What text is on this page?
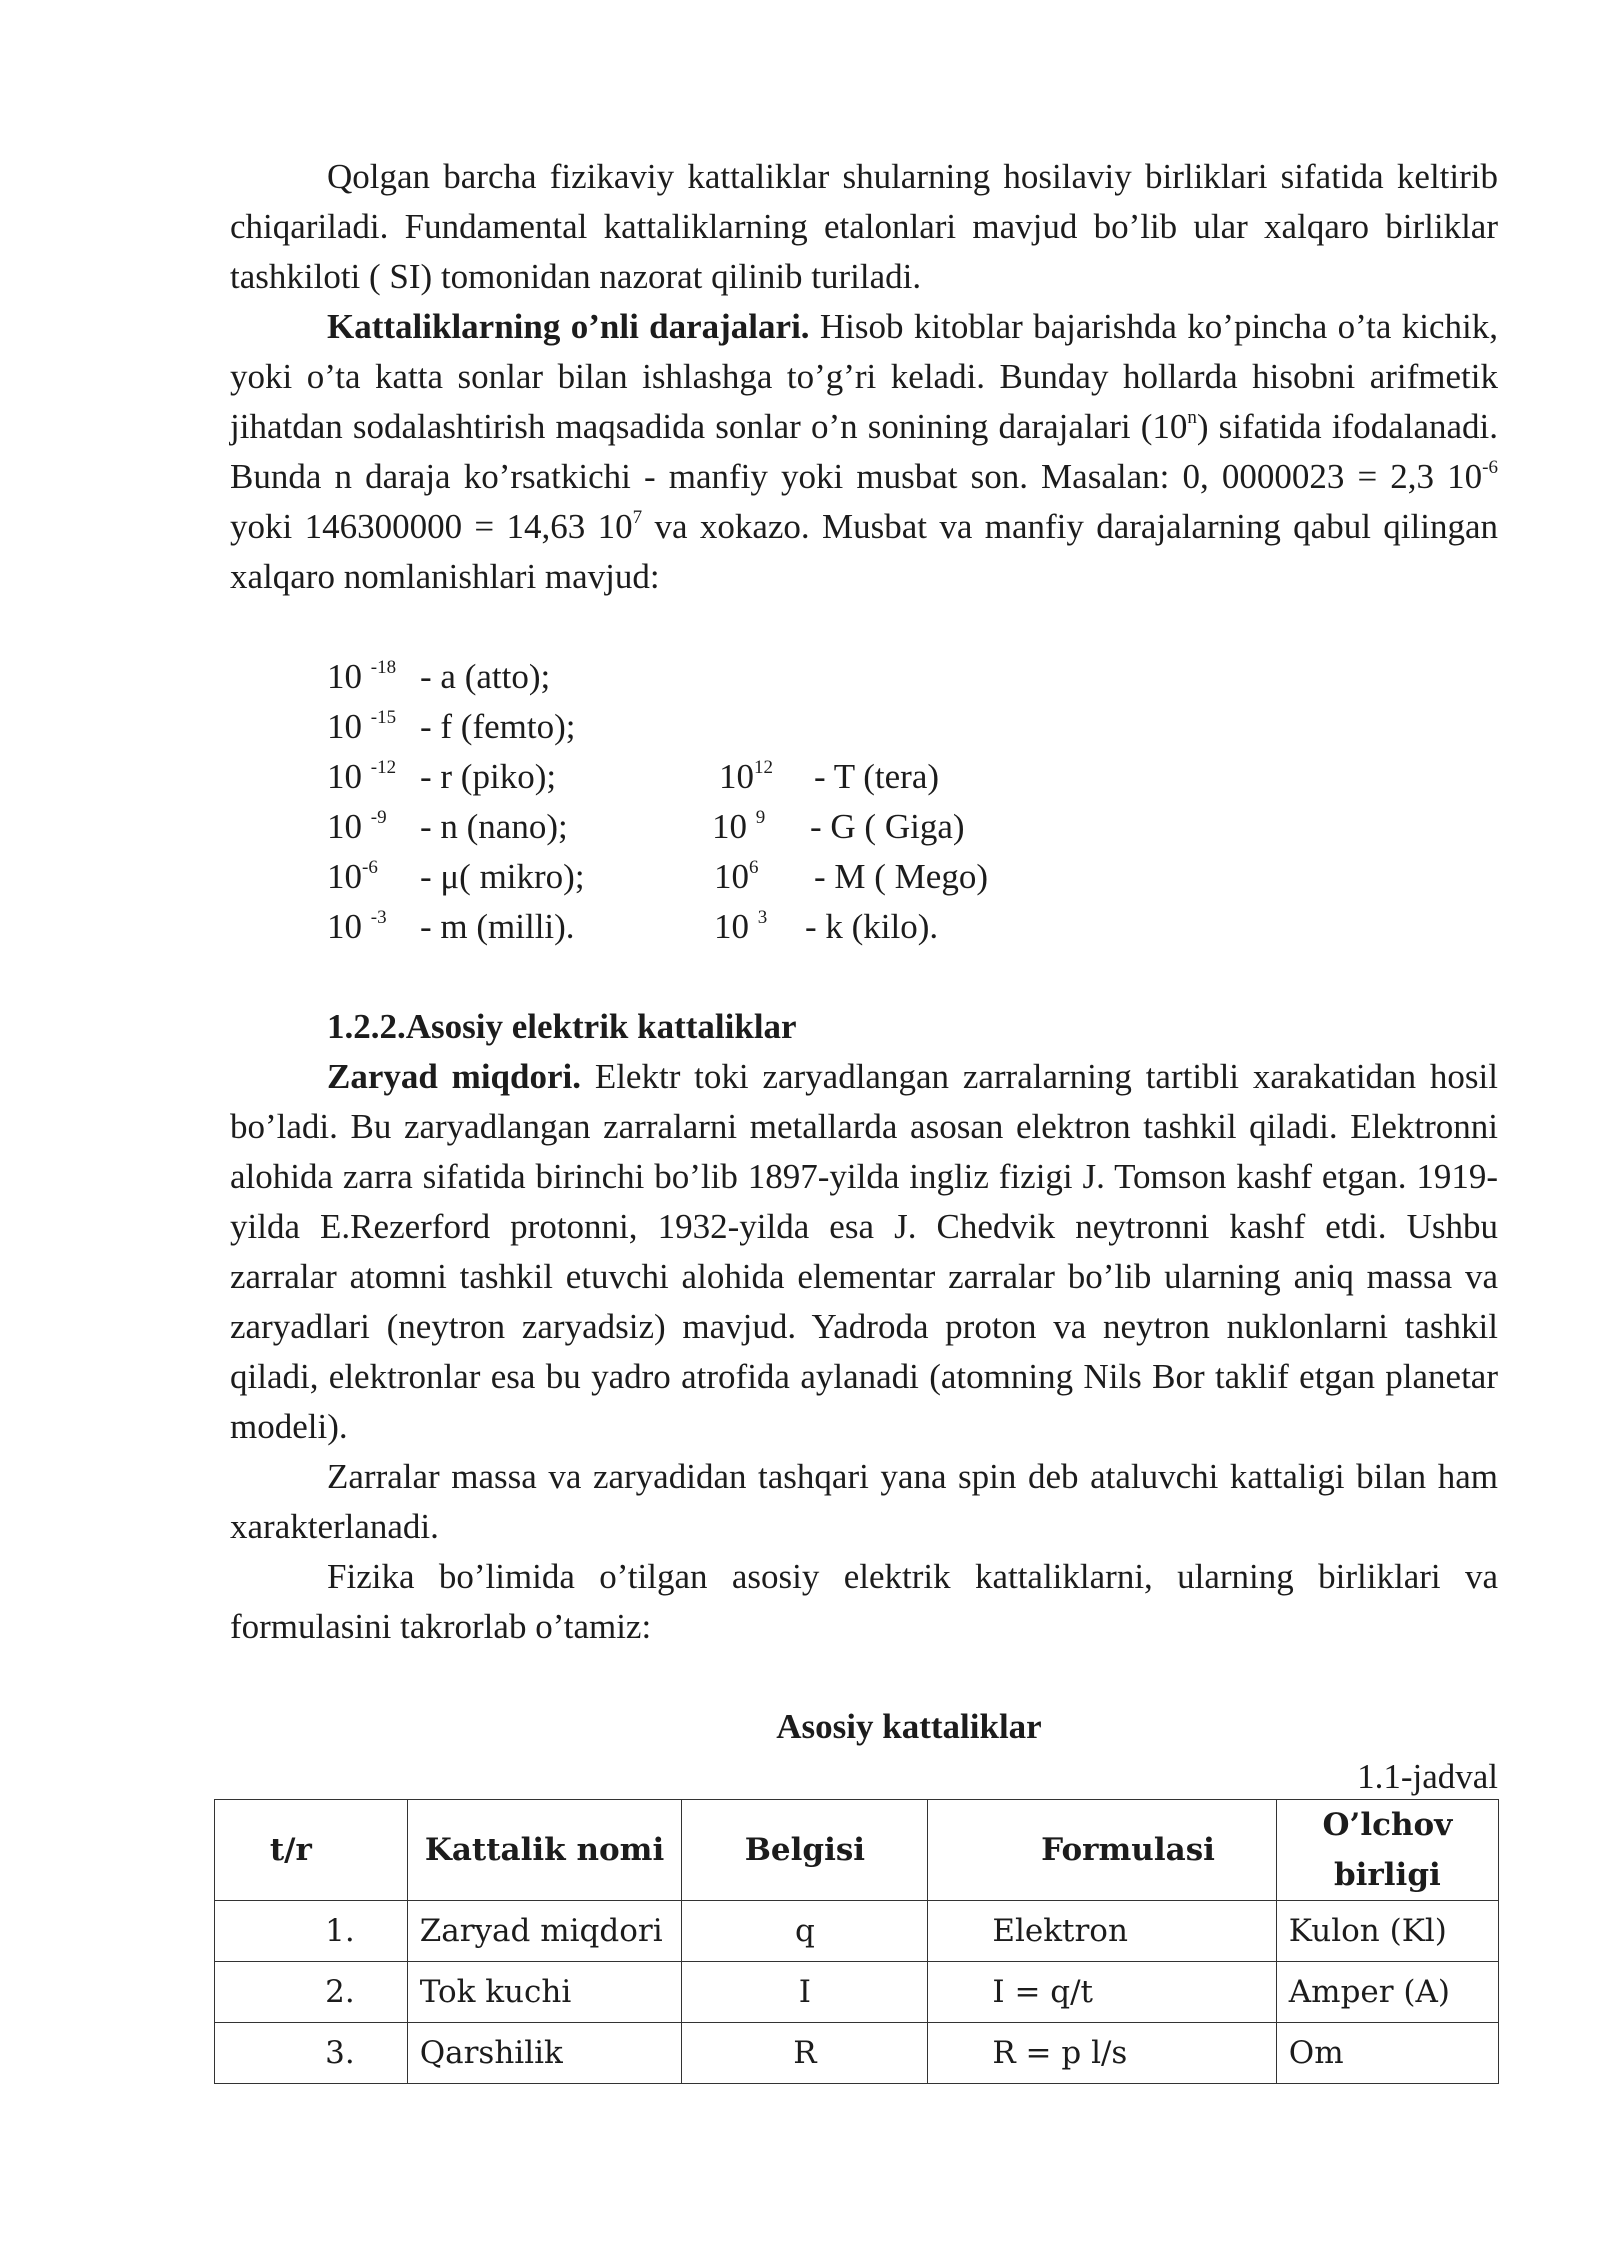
Qolgan barcha fizikaviy kattaliklar shularning hosilaviy birliklari sifatida keltirib chiqariladi. Fundamental kattaliklarning etalonlari mavjud bo’lib ular xalqaro birliklar tashkiloti ( SI) tomonidan nazorat qilinib turiladi.

Kattaliklarning o’nli darajalari. Hisob kitoblar bajarishda ko’pincha o’ta kichik, yoki o’ta katta sonlar bilan ishlashga to’g’ri keladi. Bunday hollarda hisobni arifmetik jihatdan sodalashtirish maqsadida sonlar o’n sonining darajalari (10$^n$) sifatida ifodalanadi. Bunda n daraja ko’rsatkichi - manfiy yoki musbat son. Masalan: 0, 0000023 = 2,3 $10^{-6}$ yoki 146300000 = 14,63 $10^7$ va xokazo. Musbat va manfiy darajalarning qabul qilingan xalqaro nomlanishlari mavjud:

10 $^{-18}$ - a (atto);
10 $^{-15}$ - f (femto);
10 $^{-12}$ - r (piko);	$10^{12}$ - T (tera)
10 $^{-9}$ - n (nano);	10 $^9$ - G ( Giga)
$10^{-6} - \mu$( mikro);	$10^6$ - M ( Mego)
10 $^{-3}$ - m (milli).	10 $^3$ - k (kilo).

1.2.2.Asosiy elektrik kattaliklar

Zaryad miqdori. Elektr toki zaryadlangan zarralarning tartibli xarakatidan hosil bo’ladi. Bu zaryadlangan zarralarni metallarda asosan elektron tashkil qiladi. Elektronni alohida zarra sifatida birinchi bo’lib 1897-yilda ingliz fizigi J. Tomson kashf etgan. 1919-yilda E.Rezerford protonni, 1932-yilda esa J. Chedvik neytronni kashf etdi. Ushbu zarralar atomni tashkil etuvchi alohida elementar zarralar bo’lib ularning aniq massa va zaryadlari (neytron zaryadsiz) mavjud. Yadroda proton va neytron nuklonlarni tashkil qiladi, elektronlar esa bu yadro atrofida aylanadi (atomning Nils Bor taklif etgan planetar modeli).

Zarralar massa va zaryadidan tashqari yana spin deb ataluvchi kattaligi bilan ham xarakterlanadi.

Fizika bo’limida o’tilgan asosiy elektrik kattaliklarni, ularning birliklari va formulasini takrorlab o’tamiz:

Asosiy kattaliklar

1.1-jadval

t/r	Kattalik nomi	Belgisi	Formulasi	O’lchov birligi
1.	Zaryad miqdori	q	Elektron	Kulon (Kl)
2.	Tok kuchi	I	I = q/t	Amper (A)
3.	Qarshilik	R	R = p l/s	Om
